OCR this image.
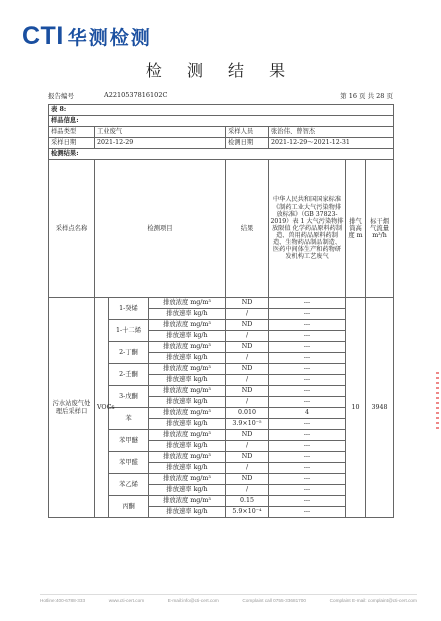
CTI 华测检测
检 测 结 果
报告编号	A2210537816102C	第 16 页 共 28 页
表 8:							
样品信息:							
样品类型	工业废气			采样人员	张治伟、曾智杰		
采样日期	2021-12-29			检测日期	2021-12-29～2021-12-31		
检测结果:							
采样点名称	检测项目			结果	中华人民共和国国家标准《制药工业大气污染物排放标准》（GB 37823-2019）表 1 大气污染物排放限值 化学药品原料药制造、兽用药品原料药制造、生物药品制品制造、医药中间体生产和药物研发机构工艺废气	排气筒高度 m	标干烟气流量 m³/h
污水站废气处理后采样口	VOCs	1-癸烯	排放浓度 mg/m³	ND	---	10	3948
			排放速率 kg/h	/	---		
		1-十二烯	排放浓度 mg/m³	ND	---		
			排放速率 kg/h	/	---		
		2-丁酮	排放浓度 mg/m³	ND	---		
			排放速率 kg/h	/	---		
		2-壬酮	排放浓度 mg/m³	ND	---		
			排放速率 kg/h	/	---		
		3-戊酮	排放浓度 mg/m³	ND	---		
			排放速率 kg/h	/	---		
		苯	排放浓度 mg/m³	0.010	4		
			排放速率 kg/h	3.9×10⁻⁵	---		
		苯甲醚	排放浓度 mg/m³	ND	---		
			排放速率 kg/h	/	---		
		苯甲醛	排放浓度 mg/m³	ND	---		
			排放速率 kg/h	/	---		
		苯乙烯	排放浓度 mg/m³	ND	---		
			排放速率 kg/h	/	---		
		丙酮	排放浓度 mg/m³	0.15	---		
			排放速率 kg/h	5.9×10⁻⁴	---		
Hotline:400-6788-333	www.cti-cert.com	E-mail:info@cti-cert.com	Complaint call 0755-33681700	Complaint E-mail: complaint@cti-cert.com
